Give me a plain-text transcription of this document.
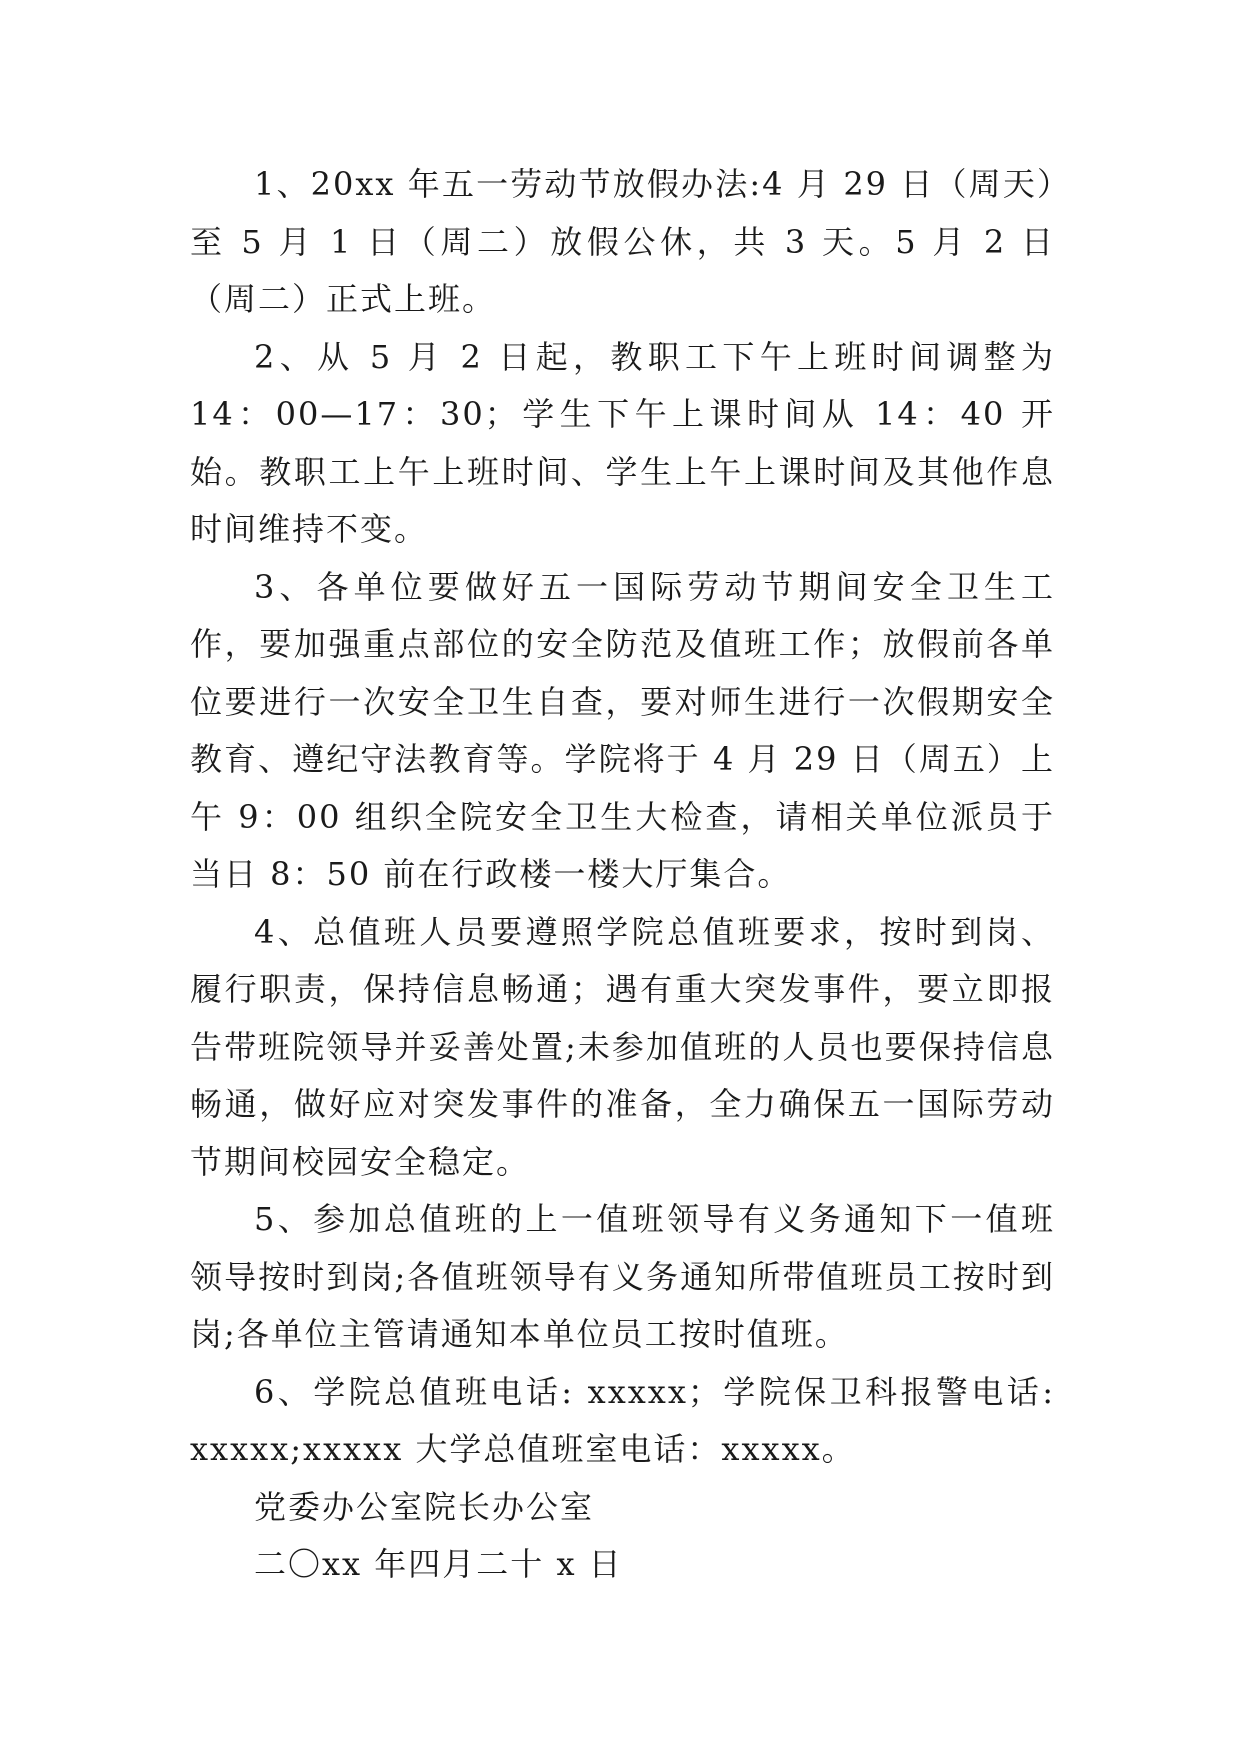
1、20xx 年五一劳动节放假办法:4 月 29 日（周天）至 5 月 1 日（周二）放假公休，共 3 天。5 月 2 日（周二）正式上班。

2、从 5 月 2 日起，教职工下午上班时间调整为 14：00—17：30；学生下午上课时间从 14：40 开始。教职工上午上班时间、学生上午上课时间及其他作息时间维持不变。

3、各单位要做好五一国际劳动节期间安全卫生工作，要加强重点部位的安全防范及值班工作；放假前各单位要进行一次安全卫生自查，要对师生进行一次假期安全教育、遵纪守法教育等。学院将于 4 月 29 日（周五）上午 9：00 组织全院安全卫生大检查，请相关单位派员于当日 8：50 前在行政楼一楼大厅集合。

4、总值班人员要遵照学院总值班要求，按时到岗、履行职责，保持信息畅通；遇有重大突发事件，要立即报告带班院领导并妥善处置;未参加值班的人员也要保持信息畅通，做好应对突发事件的准备，全力确保五一国际劳动节期间校园安全稳定。

5、参加总值班的上一值班领导有义务通知下一值班领导按时到岗;各值班领导有义务通知所带值班员工按时到岗;各单位主管请通知本单位员工按时值班。

6、学院总值班电话: xxxxx；学院保卫科报警电话: xxxxx;xxxxx 大学总值班室电话：xxxxx。

党委办公室院长办公室

二〇xx 年四月二十 x 日
